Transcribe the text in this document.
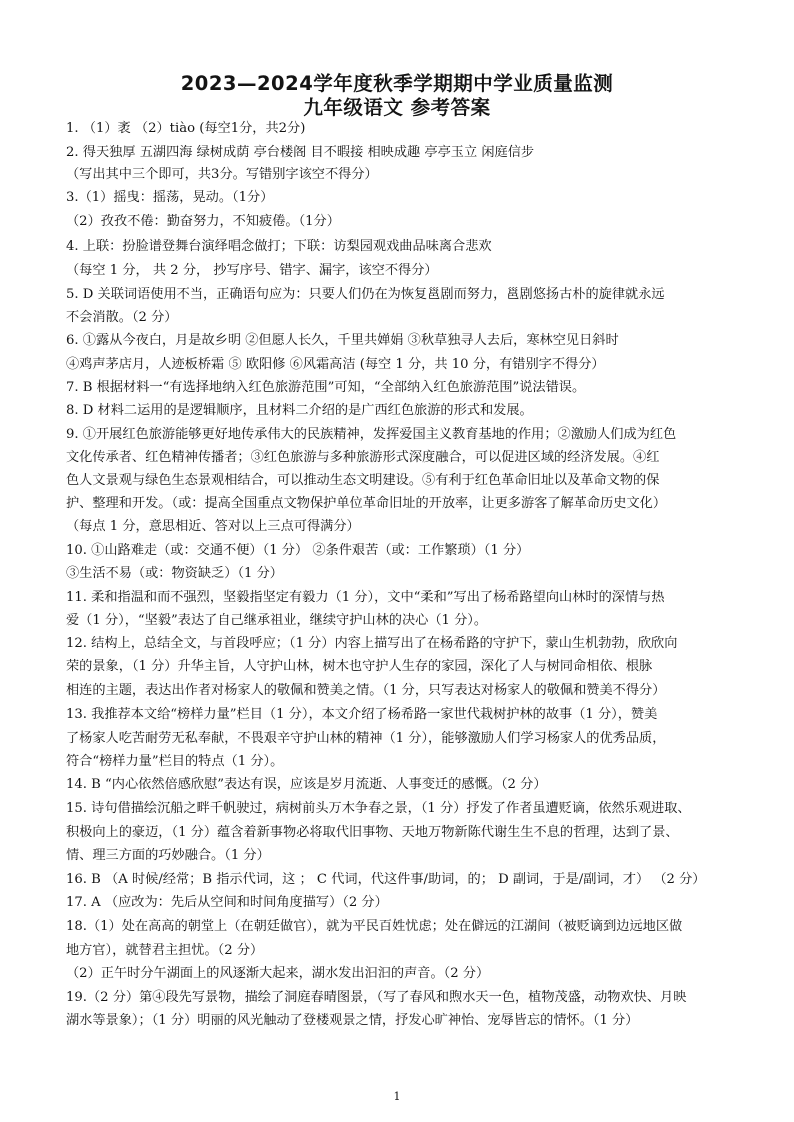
2023—2024学年度秋季学期期中学业质量监测
九年级语文 参考答案
1. （1）袤 （2）tiào (每空1分，共2分)
2. 得天独厚 五湖四海 绿树成荫 亭台楼阁 目不暇接 相映成趣 亭亭玉立 闲庭信步
（写出其中三个即可，共3分。写错别字该空不得分）
3.（1）摇曳：摇荡，晃动。（1分）
（2）孜孜不倦：勤奋努力，不知疲倦。（1分）
4. 上联：扮脸谱登舞台演绎唱念做打；下联：访梨园观戏曲品味离合悲欢
（每空 1 分， 共 2 分， 抄写序号、错字、漏字，该空不得分）
5. D 关联词语使用不当，正确语句应为：只要人们仍在为恢复邕剧而努力，邕剧悠扬古朴的旋律就永远
不会消散。（2 分）
6. ①露从今夜白，月是故乡明 ②但愿人长久，千里共婵娟 ③秋草独寻人去后，寒林空见日斜时
④鸡声茅店月，人迹板桥霜 ⑤ 欧阳修 ⑥风霜高洁 (每空 1 分，共 10 分，有错别字不得分）
7. B 根据材料一“有选择地纳入红色旅游范围”可知，“全部纳入红色旅游范围”说法错误。
8. D 材料二运用的是逻辑顺序，且材料二介绍的是广西红色旅游的形式和发展。
9. ①开展红色旅游能够更好地传承伟大的民族精神，发挥爱国主义教育基地的作用；②激励人们成为红色
文化传承者、红色精神传播者；③红色旅游与多种旅游形式深度融合，可以促进区域的经济发展。④红
色人文景观与绿色生态景观相结合，可以推动生态文明建设。⑤有利于红色革命旧址以及革命文物的保
护、整理和开发。（或：提高全国重点文物保护单位革命旧址的开放率，让更多游客了解革命历史文化）
（每点 1 分，意思相近、答对以上三点可得满分）
10. ①山路难走（或：交通不便）（1 分） ②条件艰苦（或：工作繁琐）（1 分）
③生活不易（或：物资缺乏）（1 分）
11. 柔和指温和而不强烈，坚毅指坚定有毅力（1 分），文中“柔和”写出了杨希路望向山林时的深情与热
爱（1 分），“坚毅”表达了自己继承祖业，继续守护山林的决心（1 分）。
12. 结构上，总结全文，与首段呼应；（1 分）内容上描写出了在杨希路的守护下，蒙山生机勃勃，欣欣向
荣的景象，（1 分）升华主旨，人守护山林，树木也守护人生存的家园，深化了人与树同命相依、根脉
相连的主题，表达出作者对杨家人的敬佩和赞美之情。（1 分，只写表达对杨家人的敬佩和赞美不得分）
13. 我推荐本文给“榜样力量”栏目（1 分），本文介绍了杨希路一家世代栽树护林的故事（1 分），赞美
了杨家人吃苦耐劳无私奉献，不畏艰辛守护山林的精神（1 分），能够激励人们学习杨家人的优秀品质，
符合“榜样力量”栏目的特点（1 分）。
14. B “内心依然倍感欣慰”表达有误，应该是岁月流逝、人事变迁的感慨。（2 分）
15. 诗句借描绘沉船之畔千帆驶过，病树前头万木争春之景，（1 分）抒发了作者虽遭贬谪，依然乐观进取、
积极向上的豪迈，（1 分）蕴含着新事物必将取代旧事物、天地万物新陈代谢生生不息的哲理，达到了景、
情、理三方面的巧妙融合。（1 分）
16. B （A 时候/经常；B 指示代词，这 ； C 代词，代这件事/助词，的； D 副词，于是/副词，才） （2 分）
17. A （应改为：先后从空间和时间角度描写）（2 分）
18.（1）处在高高的朝堂上（在朝廷做官），就为平民百姓忧虑；处在僻远的江湖间（被贬谪到边远地区做
地方官），就替君主担忧。（2 分）
（2）正午时分午湖面上的风逐渐大起来，湖水发出汩汩的声音。（2 分）
19.（2 分）第④段先写景物，描绘了洞庭春晴图景，（写了春风和煦水天一色，植物茂盛，动物欢快、月映
湖水等景象）；（1 分）明丽的风光触动了登楼观景之情，抒发心旷神怡、宠辱皆忘的情怀。（1 分）
1
